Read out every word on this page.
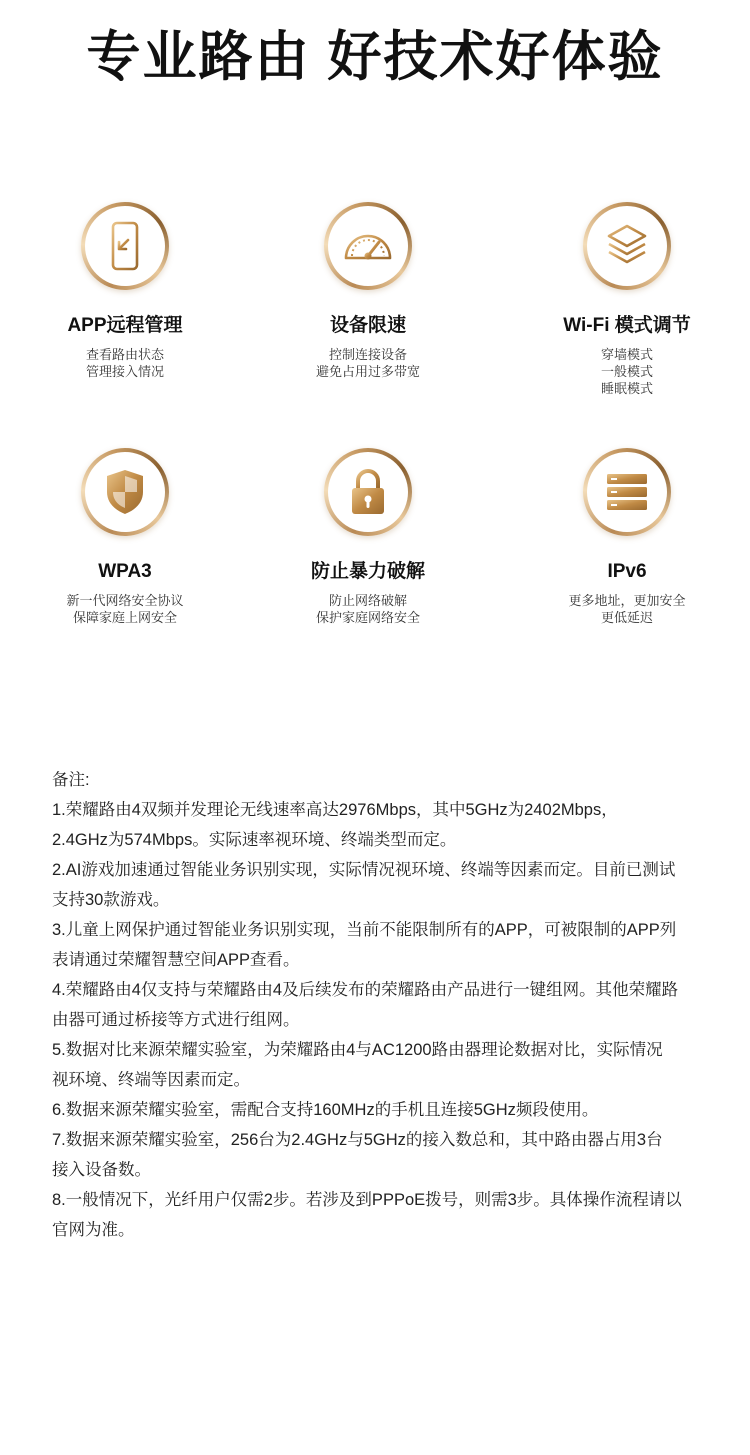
专业路由 好技术好体验
APP远程管理
查看路由状态
管理接入情况
设备限速
控制连接设备
避免占用过多带宽
Wi-Fi 模式调节
穿墙模式
一般模式
睡眠模式
WPA3
新一代网络安全协议
保障家庭上网安全
防止暴力破解
防止网络破解
保护家庭网络安全
IPv6
更多地址，更加安全
更低延迟

备注:

1.荣耀路由4双频并发理论无线速率高达2976Mbps，其中5GHz为2402Mbps，

2.4GHz为574Mbps。实际速率视环境、终端类型而定。

2.AI游戏加速通过智能业务识别实现，实际情况视环境、终端等因素而定。目前已测试

支持30款游戏。

3.儿童上网保护通过智能业务识别实现，当前不能限制所有的APP，可被限制的APP列

表请通过荣耀智慧空间APP查看。

4.荣耀路由4仅支持与荣耀路由4及后续发布的荣耀路由产品进行一键组网。其他荣耀路

由器可通过桥接等方式进行组网。

5.数据对比来源荣耀实验室，为荣耀路由4与AC1200路由器理论数据对比，实际情况

视环境、终端等因素而定。

6.数据来源荣耀实验室，需配合支持160MHz的手机且连接5GHz频段使用。

7.数据来源荣耀实验室，256台为2.4GHz与5GHz的接入数总和，其中路由器占用3台

接入设备数。

8.一般情况下，光纤用户仅需2步。若涉及到PPPoE拨号，则需3步。具体操作流程请以

官网为准。
